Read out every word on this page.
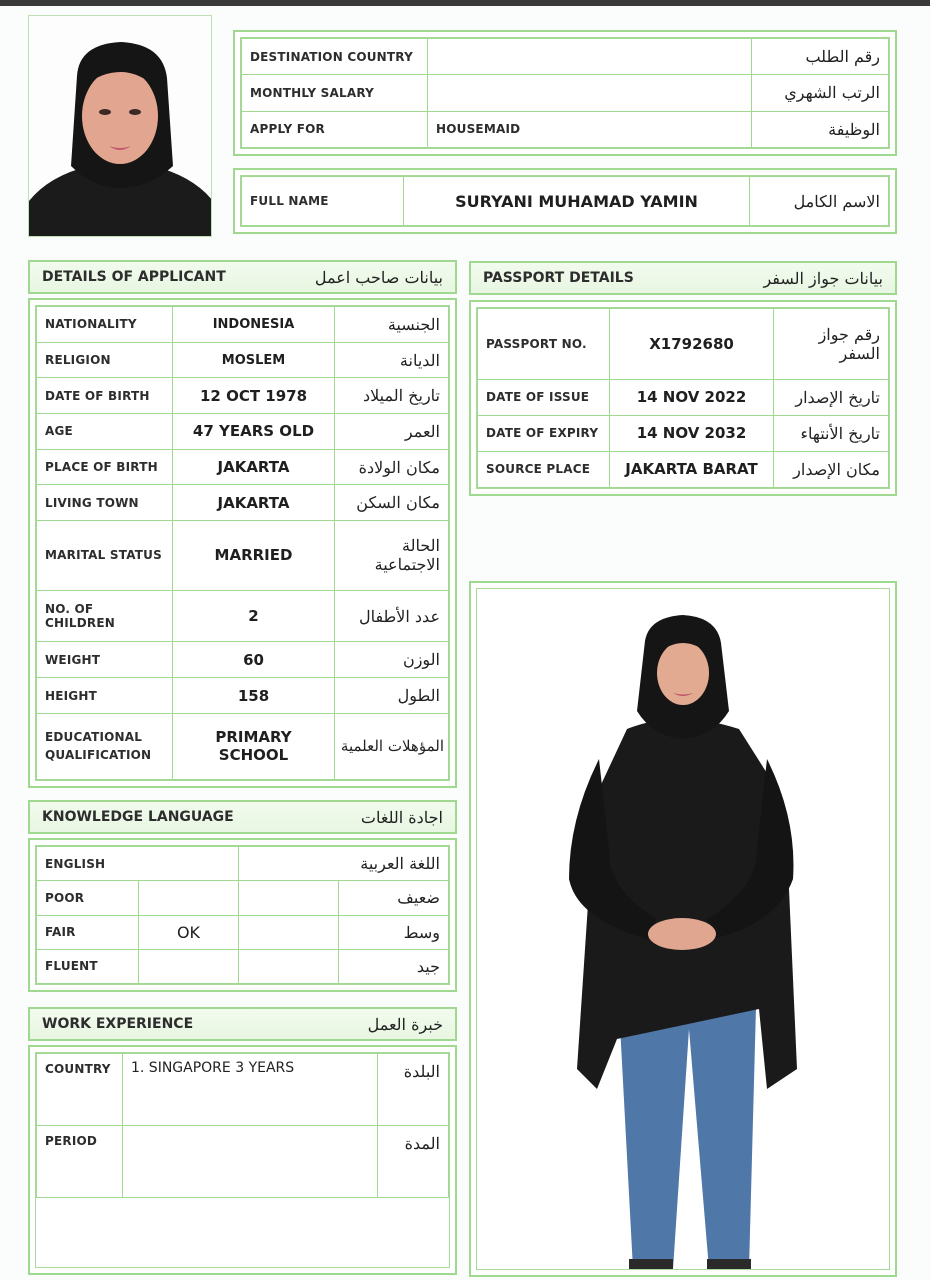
DESTINATION COUNTRY		رقم الطلب
MONTHLY SALARY		الرتب الشهري
APPLY FOR	HOUSEMAID	الوظيفة
FULL NAME	SURYANI MUHAMAD YAMIN	الاسم الكامل
DETAILS OF APPLICANT	بيانات صاحب اعمل
NATIONALITY	INDONESIA	الجنسية
RELIGION	MOSLEM	الديانة
DATE OF BIRTH	12 OCT 1978	تاريخ الميلاد
AGE	47 YEARS OLD	العمر
PLACE OF BIRTH	JAKARTA	مكان الولادة
LIVING TOWN	JAKARTA	مكان السكن
MARITAL STATUS	MARRIED	الحالة الاجتماعية
NO. OF CHILDREN	2	عدد الأطفال
WEIGHT	60	الوزن
HEIGHT	158	الطول
EDUCATIONAL QUALIFICATION	PRIMARY SCHOOL	المؤهلات العلمية
PASSPORT DETAILS	بيانات جواز السفر
PASSPORT NO.	X1792680	رقم جواز السفر
DATE OF ISSUE	14 NOV 2022	تاريخ الإصدار
DATE OF EXPIRY	14 NOV 2032	تاريخ الأنتهاء
SOURCE PLACE	JAKARTA BARAT	مكان الإصدار
KNOWLEDGE LANGUAGE	اجادة اللغات
ENGLISH		اللغة العربية	
POOR			ضعيف
FAIR	OK		وسط
FLUENT			جيد
WORK EXPERIENCE	خبرة العمل
COUNTRY	1. SINGAPORE 3 YEARS	البلدة
PERIOD		المدة
